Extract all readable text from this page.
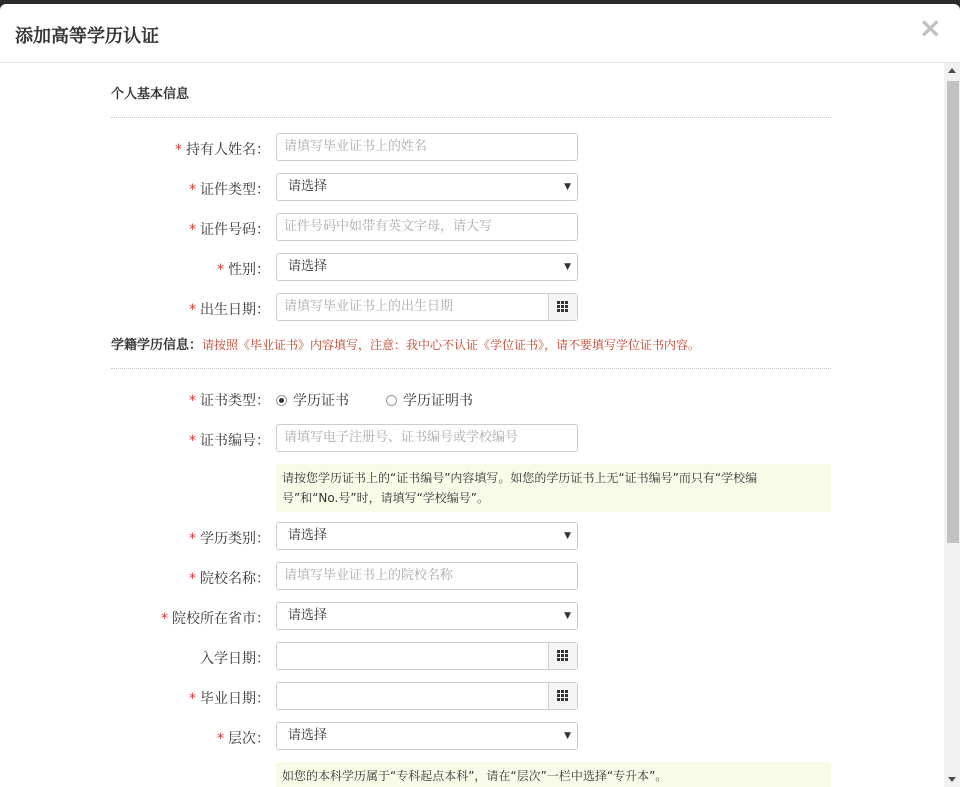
添加高等学历认证	×
个人基本信息
* 持有人姓名：	请填写毕业证书上的姓名
* 证件类型：	请选择	▼
* 证件号码：	证件号码中如带有英文字母，请大写
* 性别：	请选择	▼
* 出生日期：	请填写毕业证书上的出生日期
学籍学历信息：请按照《毕业证书》内容填写，注意：我中心不认证《学位证书》，请不要填写学位证书内容。
* 证书类型：	学历证书	学历证明书
* 证书编号：	请填写电子注册号、证书编号或学校编号
请按您学历证书上的“证书编号”内容填写。如您的学历证书上无“证书编号”而只有“学校编
号”和“No.号”时，请填写“学校编号”。
* 学历类别：	请选择	▼
* 院校名称：	请填写毕业证书上的院校名称
* 院校所在省市：	请选择	▼
入学日期：
* 毕业日期：
* 层次：	请选择	▼
如您的本科学历属于“专科起点本科”，请在“层次”一栏中选择“专升本”。
